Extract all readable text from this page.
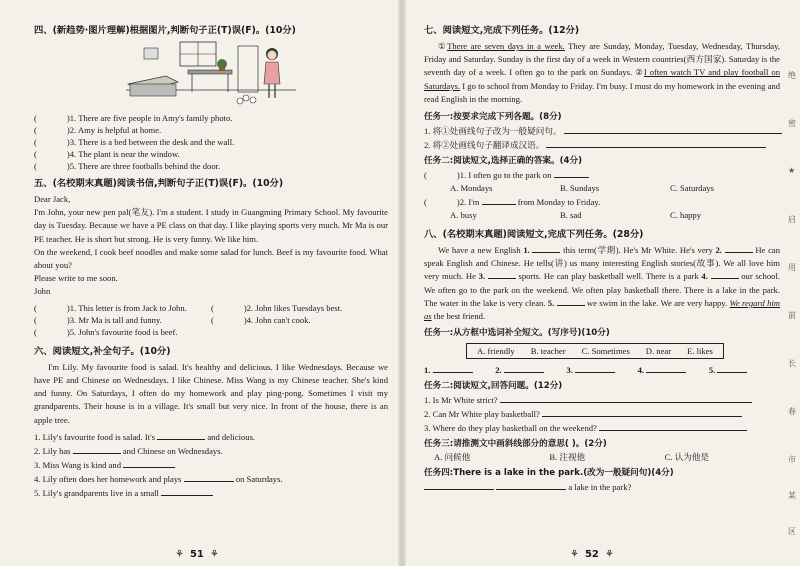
四、(新趋势·图片理解)根据图片,判断句子正(T)误(F)。(10分)

(	)1. There are five people in Amy's family photo.

(	)2. Amy is helpful at home.

(	)3. There is a bed between the desk and the wall.

(	)4. The plant is near the window.

(	)5. There are three footballs behind the door.

五、(名校期末真题)阅读书信,判断句子正(T)误(F)。(10分)

Dear Jack,

I'm John, your new pen pal(笔友). I'm a student. I study in Guangming Primary School. My favourite day is Tuesday. Because we have a PE class on that day. I like playing sports very much. Mr Ma is our PE teacher. He is short but strong. He is very funny. We like him.

On the weekend, I cook beef noodles and make some salad for lunch. Beef is my favourite food. What about you?

Please write to me soon.

John

(	)1. This letter is from Jack to John.	(	)2. John likes Tuesdays best.
(	)3. Mr Ma is tall and funny.	(	)4. John can't cook.
(	)5. John's favourite food is beef.

六、阅读短文,补全句子。(10分)

I'm Lily. My favourite food is salad. It's healthy and delicious. I like Wednesdays. Because we have PE and Chinese on Wednesdays. I like Chinese. Miss Wang is my Chinese teacher. She's kind and funny. On Saturdays, I often do my homework and play ping-pong. Sometimes I visit my grandparents. Their house is in a village. It's small but very nice. In front of the house, there is an apple tree.

1. Lily's favourite food is salad. It's	and delicious.

2. Lily has	and Chinese on Wednesdays.

3. Miss Wang is kind and

4. Lily often does her homework and plays	on Saturdays.

5. Lily's grandparents live in a small

⚘ 51 ⚘

七、阅读短文,完成下列任务。(12分)

①There are seven days in a week. They are Sunday, Monday, Tuesday, Wednesday, Thursday, Friday and Saturday. Sunday is the first day of a week in Western countries(西方国家). Saturday is the seventh day of a week. I often go to the park on Sundays. ②I often watch TV and play football on Saturdays. I go to school from Monday to Friday. I'm busy. I must do my homework in the evening and read English in the morning.

任务一:按要求完成下列各题。(8分)

1. 将①处画线句子改为一般疑问句。

2. 将②处画线句子翻译成汉语。

任务二:阅读短文,选择正确的答案。(4分)

(	)1. I often go to the park on	.

A. Mondays	B. Sundays	C. Saturdays

(	)2. I'm	from Monday to Friday.

A. busy	B. sad	C. happy

八、(名校期末真题)阅读短文,完成下列任务。(28分)

We have a new English 1.	this term(学期). He's Mr White. He's very 2.	He can speak English and Chinese. He tells(讲) us many interesting English stories(故事). We all love him very much. He 3.	sports. He can play basketball well. There is a park 4.	our school. We often go to the park on the weekend. We often play basketball there. There is a lake in the park. The water in the lake is very clean. 5.	we swim in the lake. We are very happy. We regard him as the best friend.

任务一:从方框中选词补全短文。(写序号)(10分)

A. friendly B. teacher C. Sometimes D. near E. likes
1.	2.	3.	4.	5.

任务二:阅读短文,回答问题。(12分)

1. Is Mr White strict?

2. Can Mr White play basketball?

3. Where do they play basketball on the weekend?

任务三:请推测文中画斜线部分的意思( )。(2分)

A. 问候他	B. 注视他	C. 认为他是

任务四:There is a lake in the park.(改为一般疑问句)(4分)

a lake in the park?

⚘ 52 ⚘
绝
密
★
启
用
前
长
春
市
某
区
